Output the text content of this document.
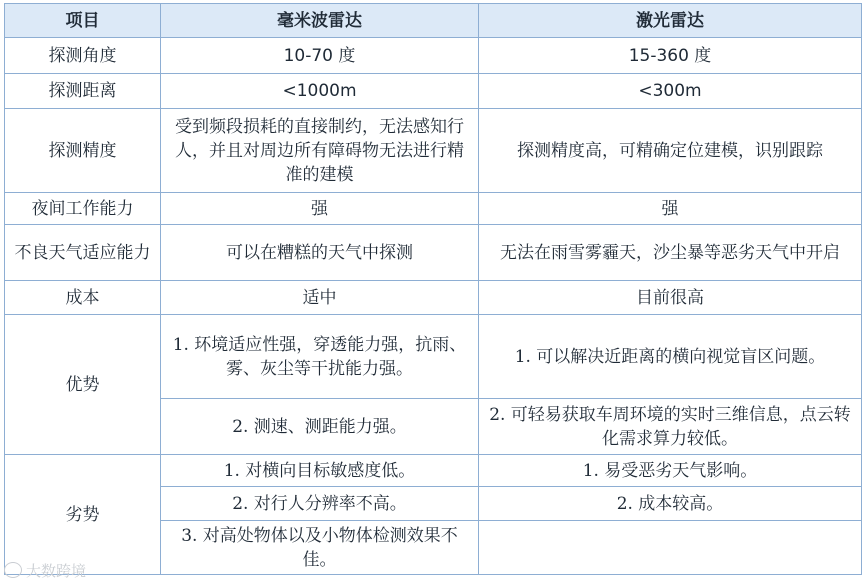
项目	毫米波雷达	激光雷达
探测角度	10-70 度	15-360 度
探测距离	<1000m	<300m
探测精度	受到频段损耗的直接制约，无法感知行人，并且对周边所有障碍物无法进行精准的建模	探测精度高，可精确定位建模，识别跟踪
夜间工作能力	强	强
不良天气适应能力	可以在糟糕的天气中探测	无法在雨雪雾霾天，沙尘暴等恶劣天气中开启
成本	适中	目前很高
优势	1. 环境适应性强，穿透能力强，抗雨、雾、灰尘等干扰能力强。	1. 可以解决近距离的横向视觉盲区问题。
	2. 测速、测距能力强。	2. 可轻易获取车周环境的实时三维信息，点云转化需求算力较低。
劣势	1. 对横向目标敏感度低。	1. 易受恶劣天气影响。
	2. 对行人分辨率不高。	2. 成本较高。
	3. 对高处物体以及小物体检测效果不佳。	
大数跨境
